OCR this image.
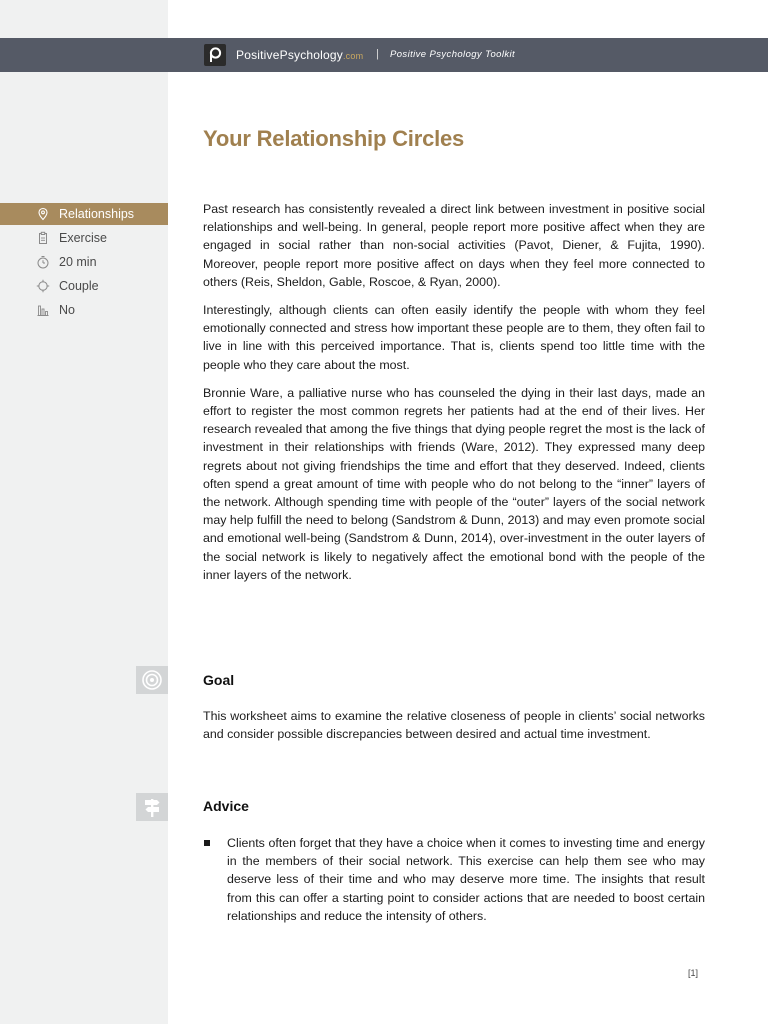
PositivePsychology.com | Positive Psychology Toolkit
Your Relationship Circles
Relationships
Exercise
20 min
Couple
No

Past research has consistently revealed a direct link between investment in positive social relationships and well-being. In general, people report more positive affect when they are engaged in social rather than non-social activities (Pavot, Diener, & Fujita, 1990). Moreover, people report more positive affect on days when they feel more connected to others (Reis, Sheldon, Gable, Roscoe, & Ryan, 2000).

Interestingly, although clients can often easily identify the people with whom they feel emotionally connected and stress how important these people are to them, they often fail to live in line with this perceived importance. That is, clients spend too little time with the people who they care about the most.

Bronnie Ware, a palliative nurse who has counseled the dying in their last days, made an effort to register the most common regrets her patients had at the end of their lives. Her research revealed that among the five things that dying people regret the most is the lack of investment in their relationships with friends (Ware, 2012). They expressed many deep regrets about not giving friendships the time and effort that they deserved. Indeed, clients often spend a great amount of time with people who do not belong to the “inner” layers of the network. Although spending time with people of the “outer” layers of the social network may help fulfill the need to belong (Sandstrom & Dunn, 2013) and may even promote social and emotional well-being (Sandstrom & Dunn, 2014), over-investment in the outer layers of the social network is likely to negatively affect the emotional bond with the people of the inner layers of the network.

Goal

This worksheet aims to examine the relative closeness of people in clients’ social networks and consider possible discrepancies between desired and actual time investment.

Advice
Clients often forget that they have a choice when it comes to investing time and energy in the members of their social network. This exercise can help them see who may deserve less of their time and who may deserve more time. The insights that result from this can offer a starting point to consider actions that are needed to boost certain relationships and reduce the intensity of others.
[1]
